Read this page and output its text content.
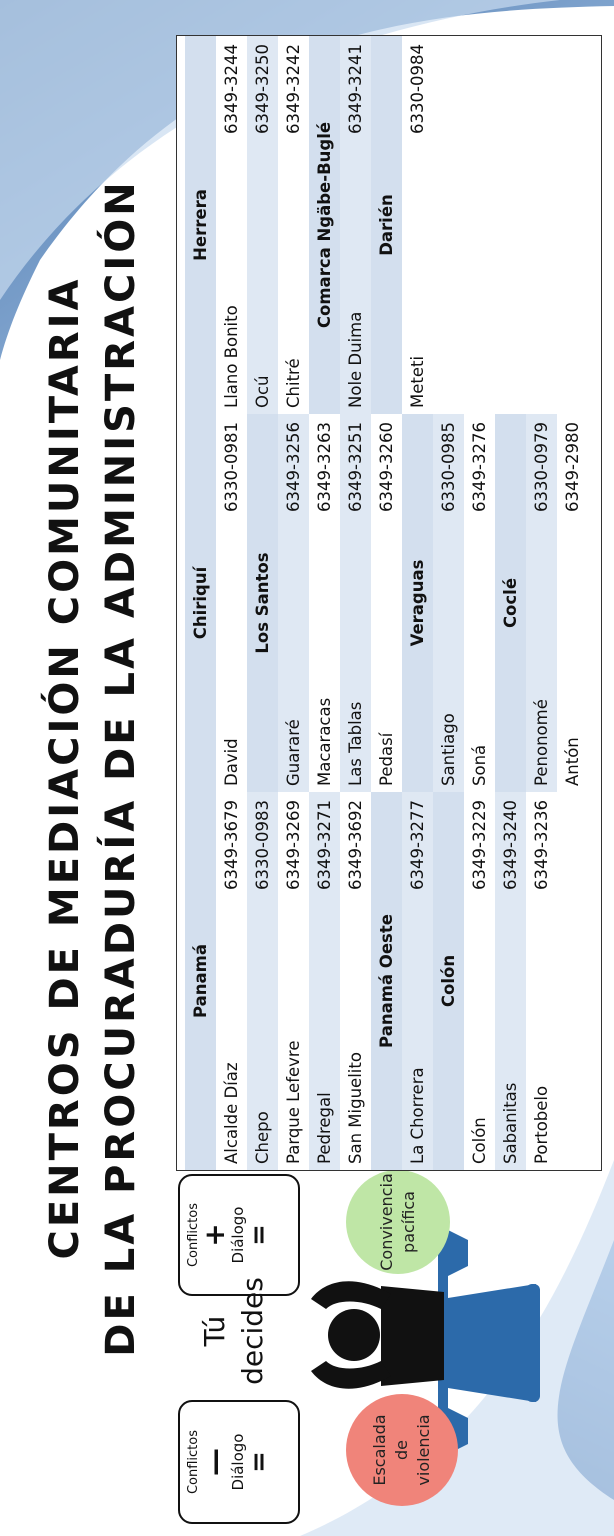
CENTROS DE MEDIACIÓN COMUNITARIA DE LA PROCURADURÍA DE LA ADMINISTRACIÓN
Escalada de violencia
Convivencia pacífica
Conflictos
—
Diálogo
=
Conflictos
+
Diálogo
=
Tú decides
Panamá
Alcalde Díaz
6349-3679
Chepo
6330-0983
Parque Lefevre
6349-3269
Pedregal
6349-3271
San Miguelito
6349-3692
Panamá Oeste
La Chorrera
6349-3277
Colón
Colón
6349-3229
Sabanitas
6349-3240
Portobelo
6349-3236
Chiriquí
David
6330-0981
Los Santos
Guararé
6349-3256
Macaracas
6349-3263
Las Tablas
6349-3251
Pedasí
6349-3260
Veraguas
Santiago
6330-0985
Soná
6349-3276
Coclé
Penonomé
6330-0979
Antón
6349-2980
Herrera
Llano Bonito
6349-3244
Ocú
6349-3250
Chitré
6349-3242
Comarca Ngäbe-Buglé
Nole Duima
6349-3241
Darién
Meteti
6330-0984
